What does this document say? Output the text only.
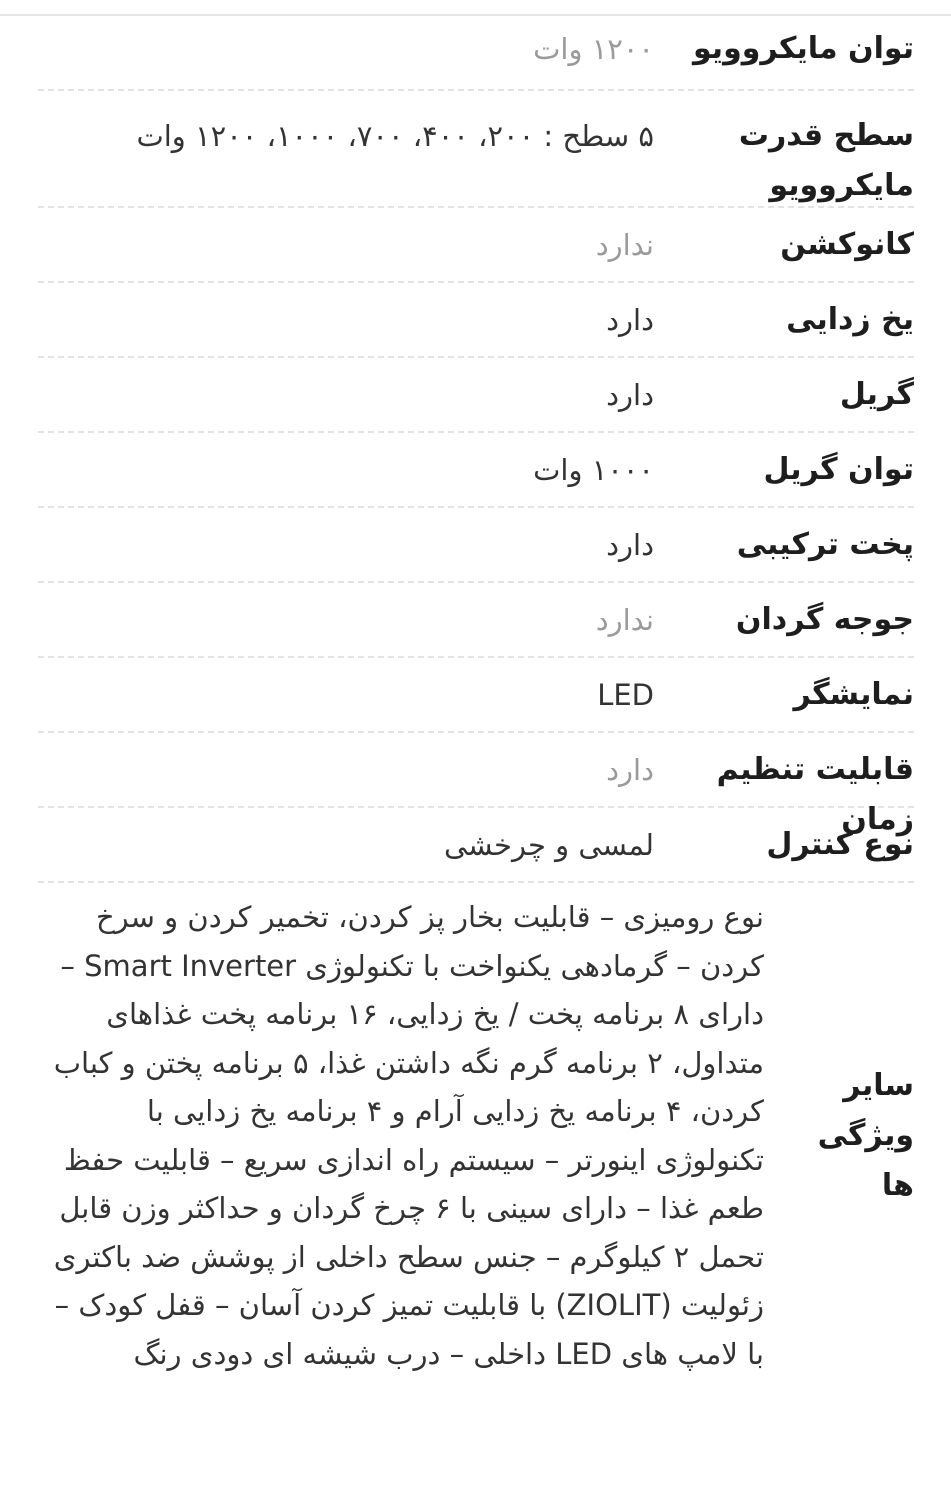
توان مایکروویو
۱۲۰۰ وات
سطح قدرت مایکروویو
۵ سطح : ۲۰۰، ۴۰۰، ۷۰۰، ۱۰۰۰، ۱۲۰۰ وات
کانوکشن
ندارد
یخ زدایی
دارد
گریل
دارد
توان گریل
۱۰۰۰ وات
پخت ترکیبی
دارد
جوجه گردان
ندارد
نمایشگر
LED
قابلیت تنظیم زمان
دارد
نوع کنترل
لمسی و چرخشی
سایر ویژگی ها
نوع رومیزی – قابلیت بخار پز کردن، تخمیر کردن و سرخ کردن – گرمادهی یکنواخت با تکنولوژی Smart Inverter – دارای ۸ برنامه پخت / یخ زدایی، ۱۶ برنامه پخت غذاهای متداول، ۲ برنامه گرم نگه داشتن غذا، ۵ برنامه پختن و کباب کردن، ۴ برنامه یخ زدایی آرام و ۴ برنامه یخ زدایی با تکنولوژی اینورتر – سیستم راه اندازی سریع – قابلیت حفظ طعم غذا – دارای سینی با ۶ چرخ گردان و حداکثر وزن قابل تحمل ۲ کیلوگرم – جنس سطح داخلی از پوشش ضد باکتری زئولیت (ZIOLIT) با قابلیت تمیز کردن آسان – قفل کودک – با لامپ های LED داخلی – درب شیشه ای دودی رنگ
